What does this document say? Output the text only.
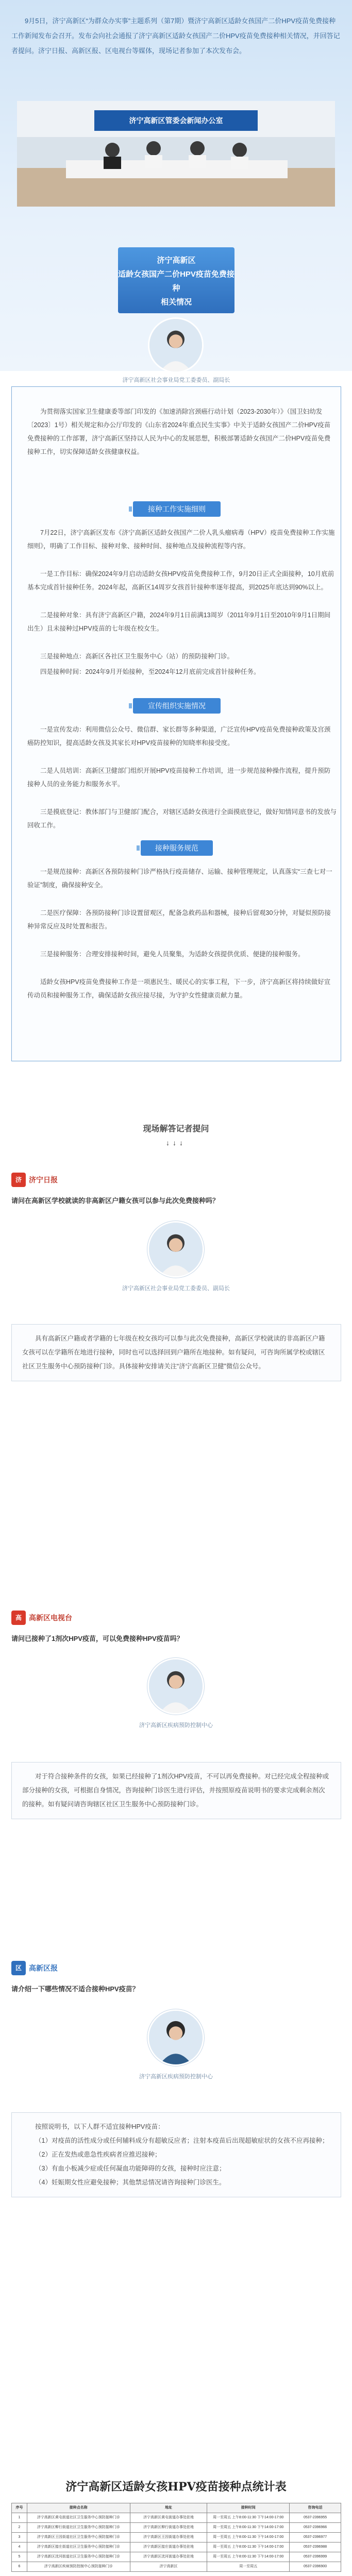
9月5日，济宁高新区“为群众办实事”主题系列（第7期）暨济宁高新区适龄女孩国产二价HPV疫苗免费接种工作新闻发布会召开。发布会向社会通报了济宁高新区适龄女孩国产二价HPV疫苗免费接种相关情况，并回答记者提问。济宁日报、高新区报、区电视台等媒体，现场记者参加了本次发布会。

济宁高新区管委会新闻办公室
济宁高新区
适龄女孩国产二价HPV疫苗免费接种
相关情况
济宁高新区社会事业局党工委委员、副局长

为贯彻落实国家卫生健康委等部门印发的《加速消除宫颈癌行动计划（2023-2030年）》（国卫妇幼发〔2023〕1号）相关规定和办公厅印发的《山东省2024年重点民生实事》中关于适龄女孩国产二价HPV疫苗免费接种的工作部署，济宁高新区坚持以人民为中心的发展思想，积极部署适龄女孩国产二价HPV疫苗免费接种工作，切实保障适龄女孩健康权益。

接种工作实施细则

7月22日，济宁高新区发布《济宁高新区适龄女孩国产二价人乳头瘤病毒（HPV）疫苗免费接种工作实施细则》，明确了工作目标、接种对象、接种时间、接种地点及接种流程等内容。

一是工作目标：确保2024年9月启动适龄女孩HPV疫苗免费接种工作，9月20日正式全面接种，10月底前基本完成首针接种任务。2024年起，高新区14周岁女孩首针接种率逐年提高，到2025年底达到90%以上。

二是接种对象：具有济宁高新区户籍，2024年9月1日前满13周岁（2011年9月1日至2010年9月1日期间出生）且未接种过HPV疫苗的七年级在校女生。

三是接种地点：高新区各社区卫生服务中心（站）的预防接种门诊。

四是接种时间：2024年9月开始接种，至2024年12月底前完成首针接种任务。

宣传组织实施情况

一是宣传发动：利用微信公众号、微信群、家长群等多种渠道，广泛宣传HPV疫苗免费接种政策及宫颈癌防控知识，提高适龄女孩及其家长对HPV疫苗接种的知晓率和接受度。

二是人员培训：高新区卫健部门组织开展HPV疫苗接种工作培训，进一步规范接种操作流程，提升预防接种人员的业务能力和服务水平。

三是摸底登记：教体部门与卫健部门配合，对辖区适龄女孩进行全面摸底登记，做好知情同意书的发放与回收工作。

接种服务规范

一是规范接种：高新区各预防接种门诊严格执行疫苗储存、运输、接种管理规定，认真落实“三查七对一验证”制度，确保接种安全。

二是医疗保障：各预防接种门诊设置留观区，配备急救药品和器械，接种后留观30分钟，对疑似预防接种异常反应及时处置和报告。

三是接种服务：合理安排接种时间，避免人员聚集，为适龄女孩提供优质、便捷的接种服务。

适龄女孩HPV疫苗免费接种工作是一项惠民生、暖民心的实事工程，下一步，济宁高新区将持续做好宣传动员和接种服务工作，确保适龄女孩应接尽接，为守护女性健康贡献力量。

现场解答记者提问
↓↓↓
济	济宁日报

请问在高新区学校就读的非高新区户籍女孩可以参与此次免费接种吗？

济宁高新区社会事业局党工委委员、副局长

具有高新区户籍或者学籍的七年级在校女孩均可以参与此次免费接种，高新区学校就读的非高新区户籍女孩可以在学籍所在地进行接种，同时也可以选择回到户籍所在地接种。如有疑问，可咨询所属学校或辖区社区卫生服务中心预防接种门诊。具体接种安排请关注“济宁高新区卫健”微信公众号。

高	高新区电视台

请问已接种了1剂次HPV疫苗，可以免费接种HPV疫苗吗？

济宁高新区疾病预防控制中心

对于符合接种条件的女孩，如果已经接种了1剂次HPV疫苗，不可以再免费接种。对已经完成全程接种或部分接种的女孩，可根据自身情况，咨询接种门诊医生进行评估，并按照原疫苗说明书的要求完成剩余剂次的接种。如有疑问请咨询辖区社区卫生服务中心预防接种门诊。

区	高新区报

请介绍一下哪些情况不适合接种HPV疫苗？

济宁高新区疾病预防控制中心

按照说明书，以下人群不适宜接种HPV疫苗：

（1）对疫苗的活性成分或任何辅料成分有超敏反应者；注射本疫苗后出现超敏症状的女孩不应再接种；

（2）正在发热或患急性疾病者应推迟接种；

（3）有血小板减少症或任何凝血功能障碍的女孩，接种时应注意；

（4）妊娠期女性应避免接种；其他禁忌情况请咨询接种门诊医生。

济宁高新区适龄女孩HPV疫苗接种点统计表
序号	接种点名称	地址	接种时间	咨询电话
1	济宁高新区黄屯街道社区卫生服务中心预防接种门诊	济宁高新区黄屯街道办事处驻地	周一至周五 上午8:00-11:30 下午14:00-17:00	0537-2396955
2	济宁高新区柳行街道社区卫生服务中心预防接种门诊	济宁高新区柳行街道办事处驻地	周一至周五 上午8:00-11:30 下午14:00-17:00	0537-2396966
3	济宁高新区王因街道社区卫生服务中心预防接种门诊	济宁高新区王因街道办事处驻地	周一至周五 上午8:00-11:30 下午14:00-17:00	0537-2396977
4	济宁高新区接庄街道社区卫生服务中心预防接种门诊	济宁高新区接庄街道办事处驻地	周一至周五 上午8:00-11:30 下午14:00-17:00	0537-2396988
5	济宁高新区洸河街道社区卫生服务中心预防接种门诊	济宁高新区洸河街道办事处驻地	周一至周五 上午8:00-11:30 下午14:00-17:00	0537-2396999
6	济宁高新区疾病预防控制中心预防接种门诊	济宁高新区	周一至周五	0537-2396900
